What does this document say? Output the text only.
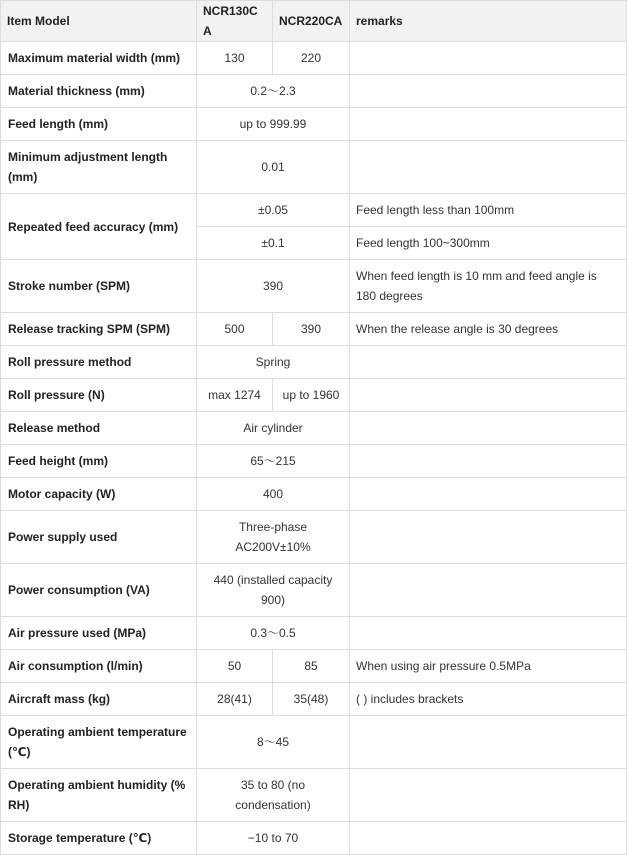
Item Model	NCR130CA	NCR220CA	remarks
Maximum material width (mm)	130	220	
Material thickness (mm)	0.2～2.3		
Feed length (mm)	up to 999.99		
Minimum adjustment length (mm)	0.01		
Repeated feed accuracy (mm)	±0.05		Feed length less than 100mm
	±0.1		Feed length 100~300mm
Stroke number (SPM)	390		When feed length is 10 mm and feed angle is 180 degrees
Release tracking SPM (SPM)	500	390	When the release angle is 30 degrees
Roll pressure method	Spring		
Roll pressure (N)	max 1274	up to 1960	
Release method	Air cylinder		
Feed height (mm)	65～215		
Motor capacity (W)	400		
Power supply used	Three-phase AC200V±10%		
Power consumption (VA)	440 (installed capacity 900)		
Air pressure used (MPa)	0.3～0.5		
Air consumption (l/min)	50	85	When using air pressure 0.5MPa
Aircraft mass (kg)	28(41)	35(48)	( ) includes brackets
Operating ambient temperature (℃)	8～45		
Operating ambient humidity (% RH)	35 to 80 (no condensation)		
Storage temperature (℃)	−10 to 70		
